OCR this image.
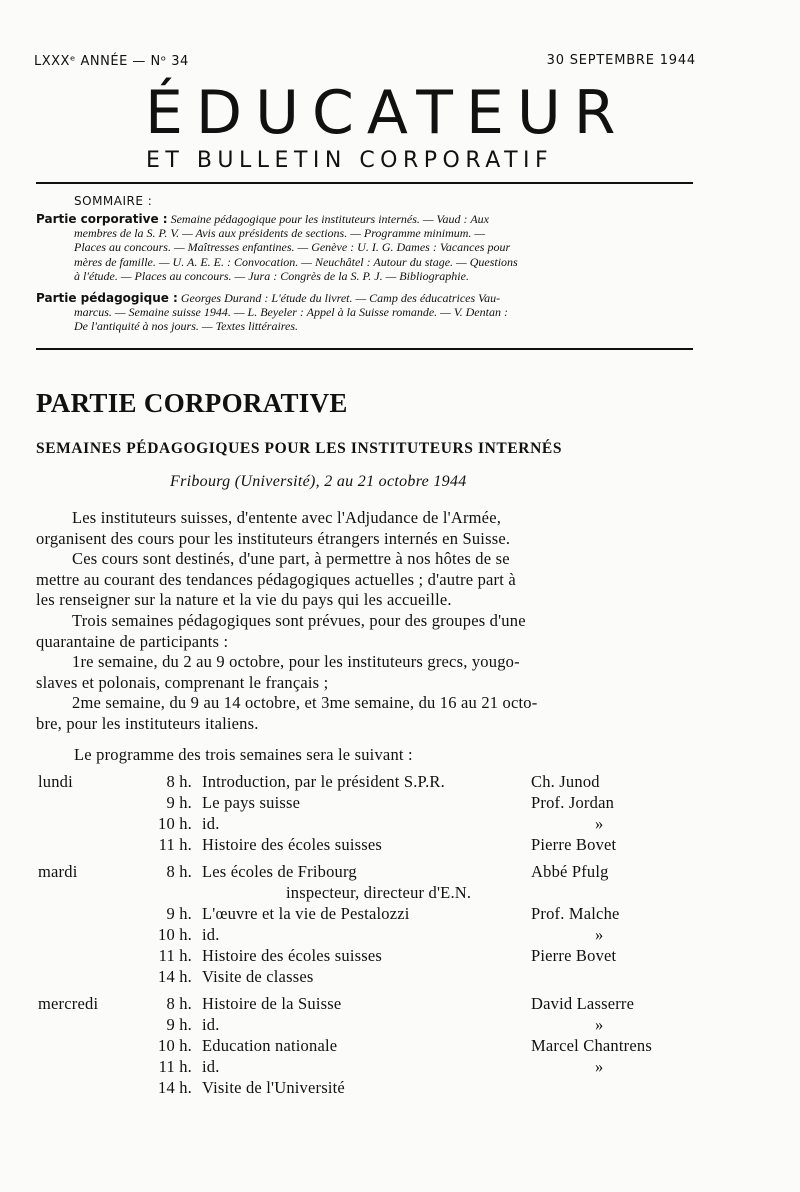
LXXXᵉ ANNÉE — Nᵒ 34	30 SEPTEMBRE 1944
ÉDUCATEUR
ET BULLETIN CORPORATIF
SOMMAIRE :
Partie corporative : Semaine pédagogique pour les instituteurs internés. — Vaud : Aux
membres de la S. P. V. — Avis aux présidents de sections. — Programme minimum. —
Places au concours. — Maîtresses enfantines. — Genève : U. I. G. Dames : Vacances pour
mères de famille. — U. A. E. E. : Convocation. — Neuchâtel : Autour du stage. — Questions
à l'étude. — Places au concours. — Jura : Congrès de la S. P. J. — Bibliographie.
Partie pédagogique : Georges Durand : L'étude du livret. — Camp des éducatrices Vau-
marcus. — Semaine suisse 1944. — L. Beyeler : Appel à la Suisse romande. — V. Dentan :
De l'antiquité à nos jours. — Textes littéraires.
PARTIE CORPORATIVE
SEMAINES PÉDAGOGIQUES POUR LES INSTITUTEURS INTERNÉS
Fribourg (Université), 2 au 21 octobre 1944
Les instituteurs suisses, d'entente avec l'Adjudance de l'Armée,
organisent des cours pour les instituteurs étrangers internés en Suisse.
Ces cours sont destinés, d'une part, à permettre à nos hôtes de se
mettre au courant des tendances pédagogiques actuelles ; d'autre part à
les renseigner sur la nature et la vie du pays qui les accueille.
Trois semaines pédagogiques sont prévues, pour des groupes d'une
quarantaine de participants :
1re semaine, du 2 au 9 octobre, pour les instituteurs grecs, yougo-
slaves et polonais, comprenant le français ;
2me semaine, du 9 au 14 octobre, et 3me semaine, du 16 au 21 octo-
bre, pour les instituteurs italiens.
Le programme des trois semaines sera le suivant :
lundi	8 h. Introduction, par le président S.P.R.	Ch. Junod
9 h. Le pays suisse	Prof. Jordan
10 h. id.	»
11 h. Histoire des écoles suisses	Pierre Bovet
mardi	8 h. Les écoles de Fribourg	Abbé Pfulg
inspecteur, directeur d'E.N.
9 h. L'œuvre et la vie de Pestalozzi	Prof. Malche
10 h. id.	»
11 h. Histoire des écoles suisses	Pierre Bovet
14 h. Visite de classes
mercredi	8 h. Histoire de la Suisse	David Lasserre
9 h. id.	»
10 h. Education nationale	Marcel Chantrens
11 h. id.	»
14 h. Visite de l'Université
